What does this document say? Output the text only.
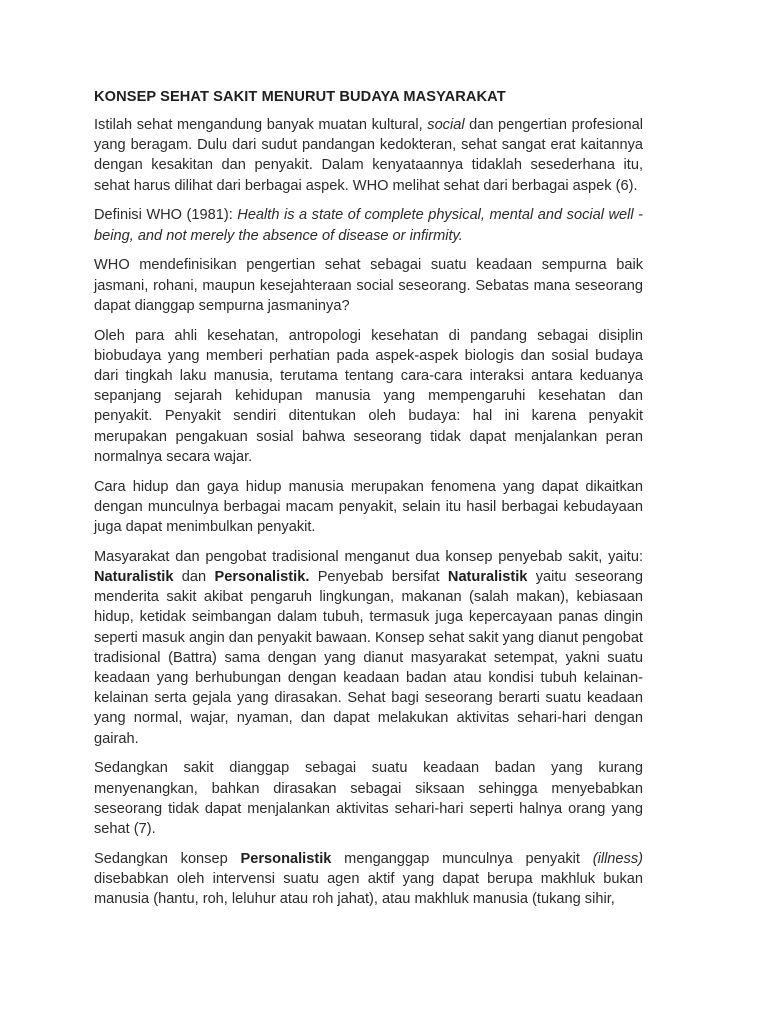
KONSEP SEHAT SAKIT MENURUT BUDAYA MASYARAKAT

Istilah sehat mengandung banyak muatan kultural, social dan pengertian profesional yang beragam. Dulu dari sudut pandangan kedokteran, sehat sangat erat kaitannya dengan kesakitan dan penyakit. Dalam kenyataannya tidaklah sesederhana itu, sehat harus dilihat dari berbagai aspek. WHO melihat sehat dari berbagai aspek (6).

Definisi WHO (1981): Health is a state of complete physical, mental and social well -being, and not merely the absence of disease or infirmity.

WHO mendefinisikan pengertian sehat sebagai suatu keadaan sempurna baik jasmani, rohani, maupun kesejahteraan social seseorang. Sebatas mana seseorang dapat dianggap sempurna jasmaninya?

Oleh para ahli kesehatan, antropologi kesehatan di pandang sebagai disiplin biobudaya yang memberi perhatian pada aspek-aspek biologis dan sosial budaya dari tingkah laku manusia, terutama tentang cara-cara interaksi antara keduanya sepanjang sejarah kehidupan manusia yang mempengaruhi kesehatan dan penyakit. Penyakit sendiri ditentukan oleh budaya: hal ini karena penyakit merupakan pengakuan sosial bahwa seseorang tidak dapat menjalankan peran normalnya secara wajar.

Cara hidup dan gaya hidup manusia merupakan fenomena yang dapat dikaitkan dengan munculnya berbagai macam penyakit, selain itu hasil berbagai kebudayaan juga dapat menimbulkan penyakit.

Masyarakat dan pengobat tradisional menganut dua konsep penyebab sakit, yaitu: Naturalistik dan Personalistik. Penyebab bersifat Naturalistik yaitu seseorang menderita sakit akibat pengaruh lingkungan, makanan (salah makan), kebiasaan hidup, ketidak seimbangan dalam tubuh, termasuk juga kepercayaan panas dingin seperti masuk angin dan penyakit bawaan. Konsep sehat sakit yang dianut pengobat tradisional (Battra) sama dengan yang dianut masyarakat setempat, yakni suatu keadaan yang berhubungan dengan keadaan badan atau kondisi tubuh kelainan-kelainan serta gejala yang dirasakan. Sehat bagi seseorang berarti suatu keadaan yang normal, wajar, nyaman, dan dapat melakukan aktivitas sehari-hari dengan gairah.

Sedangkan sakit dianggap sebagai suatu keadaan badan yang kurang menyenangkan, bahkan dirasakan sebagai siksaan sehingga menyebabkan seseorang tidak dapat menjalankan aktivitas sehari-hari seperti halnya orang yang sehat (7).

Sedangkan konsep Personalistik menganggap munculnya penyakit (illness) disebabkan oleh intervensi suatu agen aktif yang dapat berupa makhluk bukan manusia (hantu, roh, leluhur atau roh jahat), atau makhluk manusia (tukang sihir,
